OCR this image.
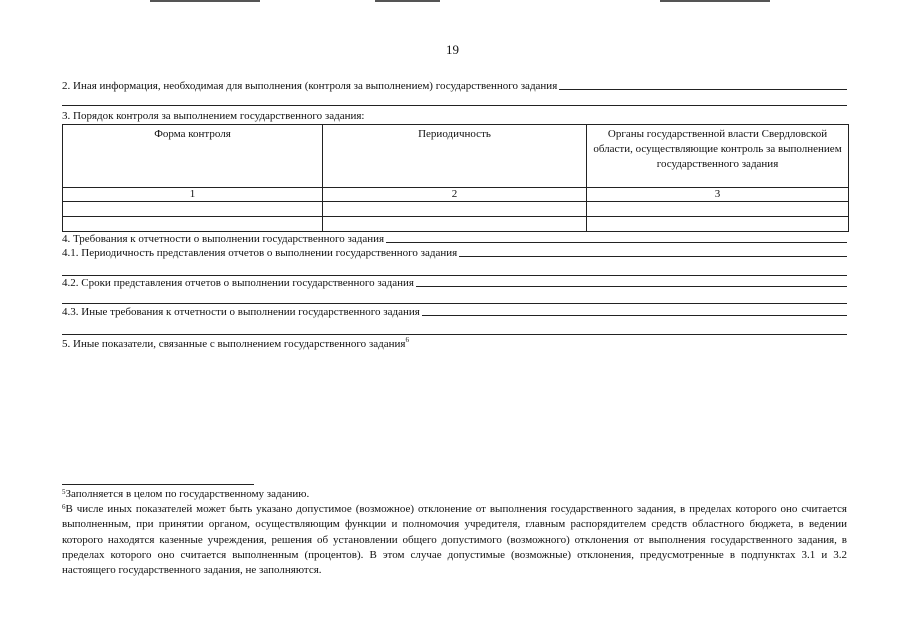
19
2. Иная информация, необходимая для выполнения (контроля за выполнением) государственного задания
3. Порядок контроля за выполнением государственного задания:
Форма контроля	Периодичность	Органы государственной власти Свердловской области, осуществляющие контроль за выполнением государственного задания
1	2	3

4. Требования к отчетности о выполнении государственного задания
4.1. Периодичность представления отчетов о выполнении государственного задания
4.2. Сроки представления отчетов о выполнении государственного задания
4.3. Иные требования к отчетности о выполнении государственного задания
5. Иные показатели, связанные с выполнением государственного задания$^6$
$^5$Заполняется в целом по государственному заданию.
$^6$В числе иных показателей может быть указано допустимое (возможное) отклонение от выполнения государственного задания, в пределах которого оно считается выполненным, при принятии органом, осуществляющим функции и полномочия учредителя, главным распорядителем средств областного бюджета, в ведении которого находятся казенные учреждения, решения об установлении общего допустимого (возможного) отклонения от выполнения государственного задания, в пределах которого оно считается выполненным (процентов). В этом случае допустимые (возможные) отклонения, предусмотренные в подпунктах 3.1 и 3.2 настоящего государственного задания, не заполняются.
